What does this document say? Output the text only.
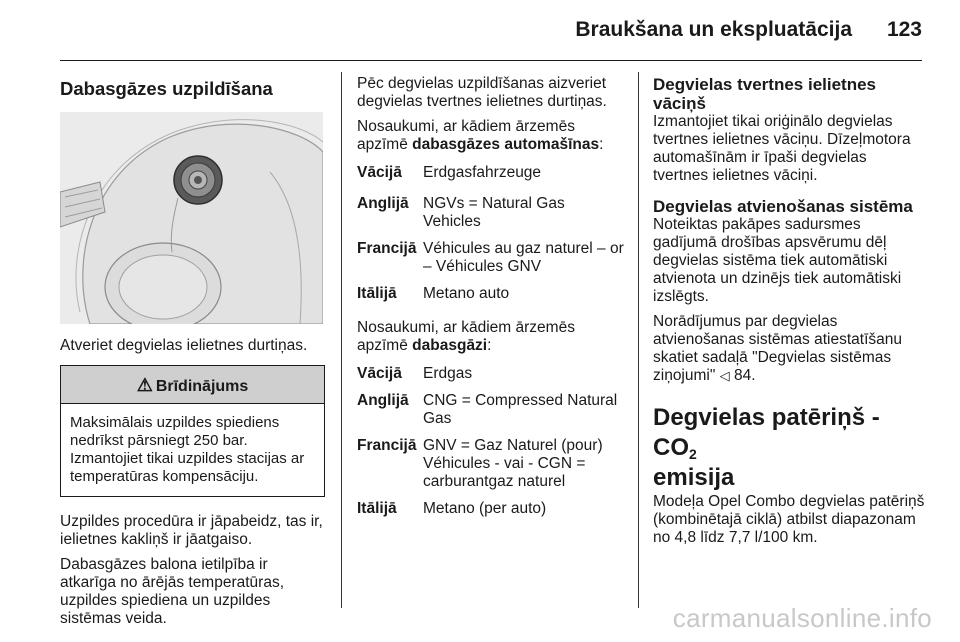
Braukšana un ekspluatācija 123
Dabasgāzes uzpildīšana

Atveriet degvielas ielietnes durtiņas.

⚠ Brīdinājums
Maksimālais uzpildes spiediens nedrīkst pārsniegt 250 bar. Izmantojiet tikai uzpildes stacijas ar temperatūras kompensāciju.

Uzpildes procedūra ir jāpabeidz, tas ir, ielietnes kakliņš ir jāatgaiso.

Dabasgāzes balona ietilpība ir atkarīga no ārējās temperatūras, uzpildes spiediena un uzpildes sistēmas veida.

Pēc degvielas uzpildīšanas aizveriet degvielas tvertnes ielietnes durtiņas.

Nosaukumi, ar kādiem ārzemēs apzīmē dabasgāzes automašīnas:

Vācijā	Erdgasfahrzeuge
Anglijā NGVs = Natural Gas Vehicles
Francijā Véhicules au gaz naturel – or – Véhicules GNV
Itālijā	Metano auto

Nosaukumi, ar kādiem ārzemēs apzīmē dabasgāzi:

Vācijā	Erdgas
Anglijā CNG = Compressed Natural Gas
Francijā GNV = Gaz Naturel (pour) Véhicules - vai - CGN = carburantgaz naturel
Itālijā	Metano (per auto)
Degvielas tvertnes ielietnes vāciņš

Izmantojiet tikai oriģinālo degvielas tvertnes ielietnes vāciņu. Dīzeļmotora automašīnām ir īpaši degvielas tvertnes ielietnes vāciņi.

Degvielas atvienošanas sistēma

Noteiktas pakāpes sadursmes gadījumā drošības apsvērumu dēļ degvielas sistēma tiek automātiski atvienota un dzinējs tiek automātiski izslēgts.

Norādījumus par degvielas atvienošanas sistēmas atiestatīšanu skatiet sadaļā "Degvielas sistēmas ziņojumi" ◁ 84.

Degvielas patēriņš - $CO_2$
emisija

Modeļa Opel Combo degvielas patēriņš (kombinētajā ciklā) atbilst diapazonam no 4,8 līdz 7,7 l/100 km.

carmanualsonline.info
